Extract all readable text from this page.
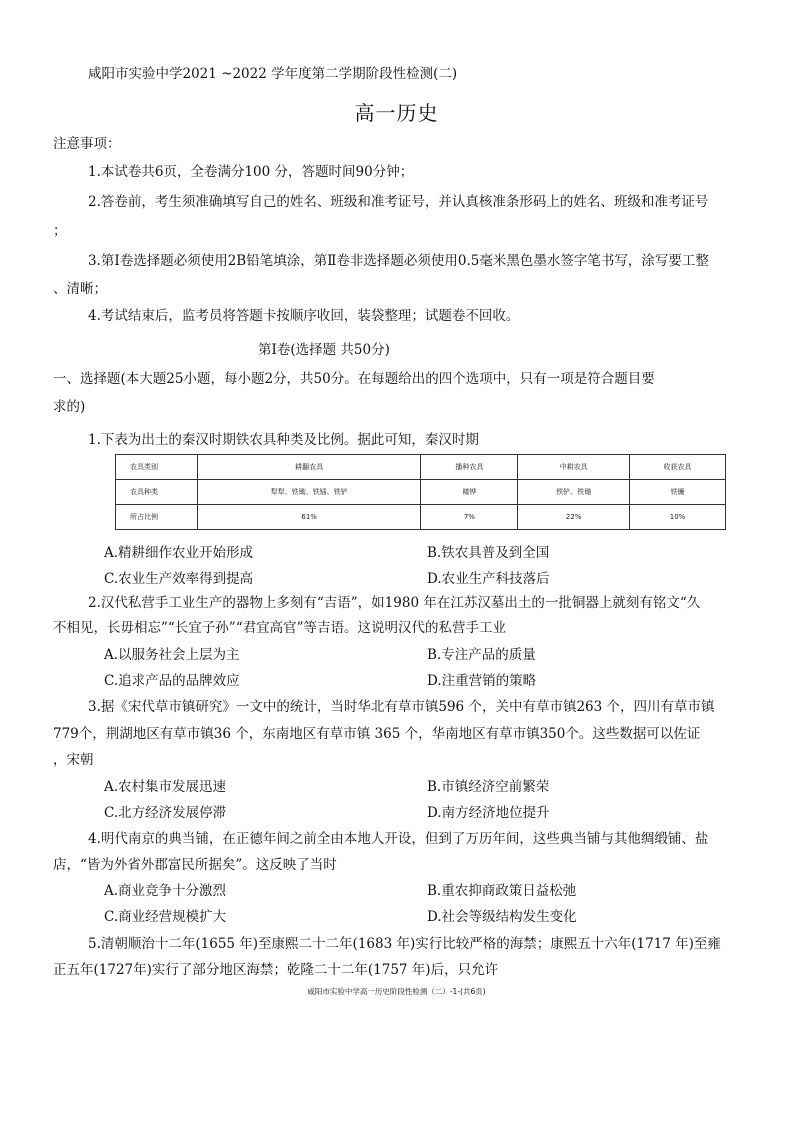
咸阳市实验中学2021 ~2022 学年度第二学期阶段性检测(二)
高一历史
注意事项：
1.本试卷共6页，全卷满分100 分，答题时间90分钟；
2.答卷前，考生须准确填写自己的姓名、班级和准考证号，并认真核准条形码上的姓名、班级和准考证号
；
3.第Ⅰ卷选择题必须使用2B铅笔填涂，第Ⅱ卷非选择题必须使用0.5毫米黑色墨水签字笔书写，涂写要工整
、清晰；
4.考试结束后，监考员将答题卡按顺序收回，装袋整理；试题卷不回收。
第Ⅰ卷(选择题 共50分)
一、选择题(本大题25小题，每小题2分，共50分。在每题给出的四个选项中，只有一项是符合题目要
求的)
1.下表为出土的秦汉时期铁农具种类及比例。据此可知，秦汉时期
农具类别	耕翻农具	播种农具	中耕农具	收获农具
农具种类	犁犁、铁锄、铁锸、铁铲	耧铧	铁铲、铁锄	铁镰
所占比例	61%	7%	22%	10%
A.精耕细作农业开始形成	B.铁农具普及到全国
C.农业生产效率得到提高	D.农业生产科技落后
2.汉代私营手工业生产的器物上多刻有“吉语”，如1980 年在江苏汉墓出土的一批铜器上就刻有铭文“久
不相见，长毋相忘”“长宜子孙”“君宜高官”等吉语。这说明汉代的私营手工业
A.以服务社会上层为主	B.专注产品的质量
C.追求产品的品牌效应	D.注重营销的策略
3.据《宋代草市镇研究》一文中的统计，当时华北有草市镇596 个，关中有草市镇263 个，四川有草市镇
779个，荆湖地区有草市镇36 个，东南地区有草市镇 365 个，华南地区有草市镇350个。这些数据可以佐证
，宋朝
A.农村集市发展迅速	B.市镇经济空前繁荣
C.北方经济发展停滞	D.南方经济地位提升
4.明代南京的典当铺，在正德年间之前全由本地人开设，但到了万历年间，这些典当铺与其他绸缎铺、盐
店，“皆为外省外郡富民所据矣”。这反映了当时
A.商业竞争十分激烈	B.重农抑商政策日益松弛
C.商业经营规模扩大	D.社会等级结构发生变化
5.清朝顺治十二年(1655 年)至康熙二十二年(1683 年)实行比较严格的海禁；康熙五十六年(1717 年)至雍
正五年(1727年)实行了部分地区海禁；乾隆二十二年(1757 年)后，只允许
咸阳市实验中学高一历史阶段性检测（二）-1-(共6页)
